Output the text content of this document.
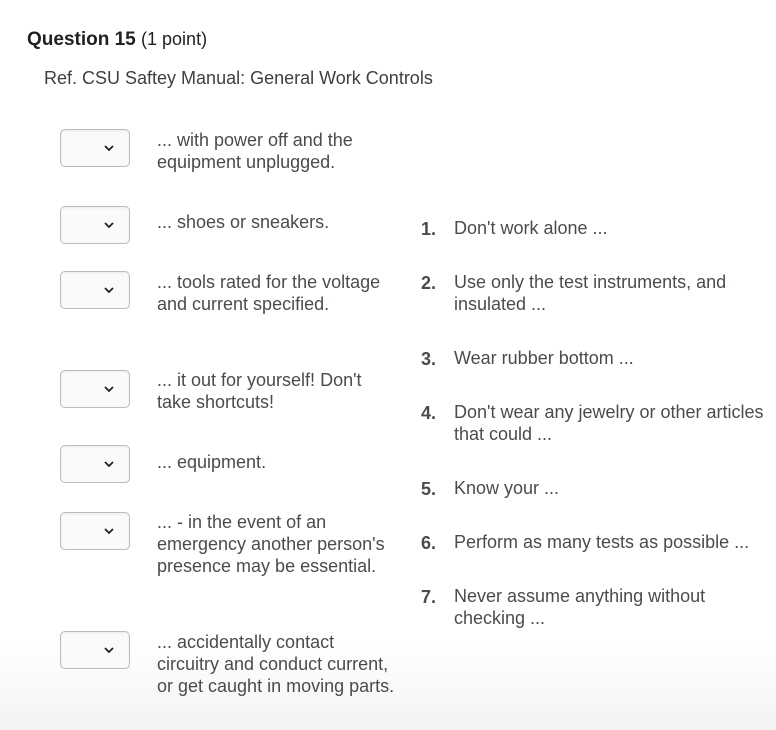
Question 15 (1 point)
Ref. CSU Saftey Manual: General Work Controls
... with power off and the equipment unplugged.
... shoes or sneakers.
... tools rated for the voltage and current specified.
... it out for yourself! Don't take shortcuts!
... equipment.
... - in the event of an emergency another person's presence may be essential.
... accidentally contact circuitry and conduct current, or get caught in moving parts.
1. Don't work alone ...
2. Use only the test instruments, and insulated ...
3. Wear rubber bottom ...
4. Don't wear any jewelry or other articles that could ...
5. Know your ...
6. Perform as many tests as possible ...
7. Never assume anything without checking ...
